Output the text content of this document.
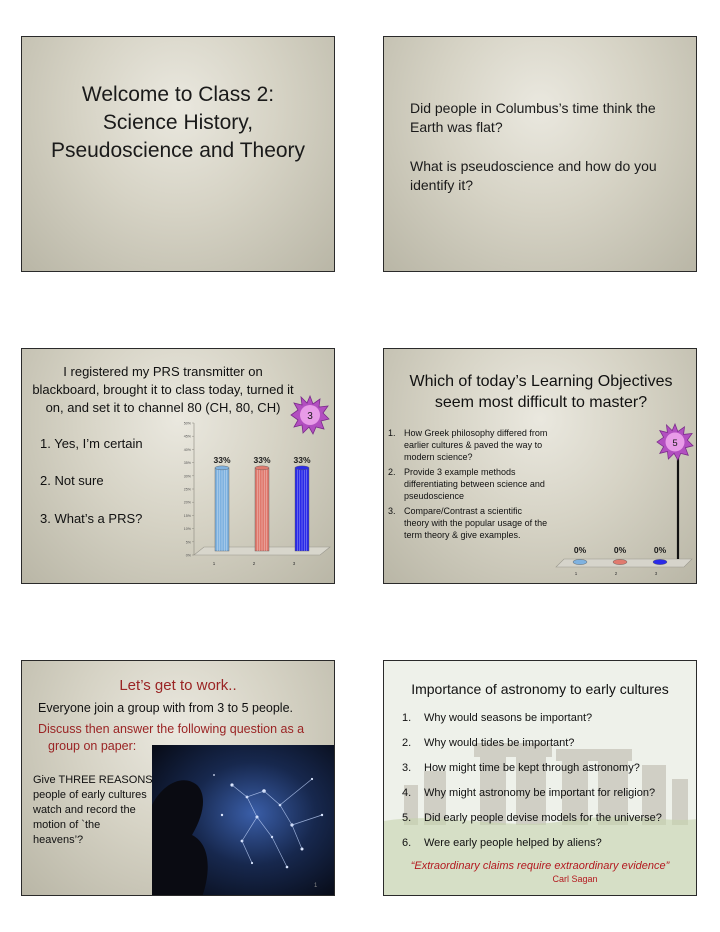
Welcome to Class 2:
Science History,
Pseudoscience and Theory
Did people in Columbus’s time think the Earth was flat?
What is pseudoscience and how do you identify it?
I registered my PRS transmitter on blackboard, brought it to class today, turned it on, and set it to channel 80 (CH, 80, CH)
1. Yes, I’m certain
2. Not sure
3. What’s a PRS?
3
0%
5%
10%
15%
20%
25%
30%
35%
40%
45%
50%
33%
1
33%
2
33%
3
Which of today’s Learning Objectives seem most difficult to master?
1. How Greek philosophy differed from earlier cultures & paved the way to modern science?
2. Provide 3 example methods differentiating between science and pseudoscience
3. Compare/Contrast a scientific theory with the popular usage of the term theory & give examples.
0%
1
0%
2
0%
3
5
Let’s get to work..
Everyone join a group with from 3 to 5 people.
Discuss then answer the following question as a
group on paper:
Give THREE REASONS people of early cultures watch and record the motion of `the heavens’?
1
Importance of astronomy to early cultures
1.	Why would seasons be important?
2.	Why would tides be important?
3.	How might time be kept through astronomy?
4.	Why might astronomy be important for religion?
5.	Did early people devise models for the universe?
6.	Were early people helped by aliens?
“Extraordinary claims require extraordinary evidence”
Carl Sagan
